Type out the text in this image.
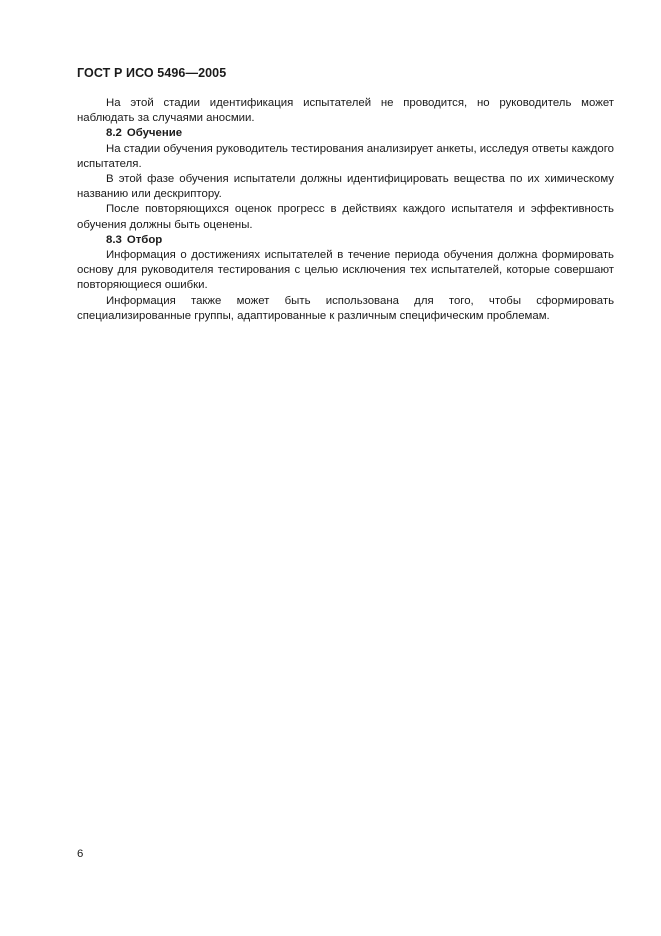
ГОСТ Р ИСО 5496—2005

На этой стадии идентификация испытателей не проводится, но руководитель может наблюдать за случаями аносмии.

8.2 Обучение

На стадии обучения руководитель тестирования анализирует анкеты, исследуя ответы каждого испытателя.

В этой фазе обучения испытатели должны идентифицировать вещества по их химическому названию или дескриптору.

После повторяющихся оценок прогресс в действиях каждого испытателя и эффективность обучения должны быть оценены.

8.3 Отбор

Информация о достижениях испытателей в течение периода обучения должна формировать основу для руководителя тестирования с целью исключения тех испытателей, которые совершают повторяющиеся ошибки.

Информация также может быть использована для того, чтобы сформировать специализированные группы, адаптированные к различным специфическим проблемам.

6
